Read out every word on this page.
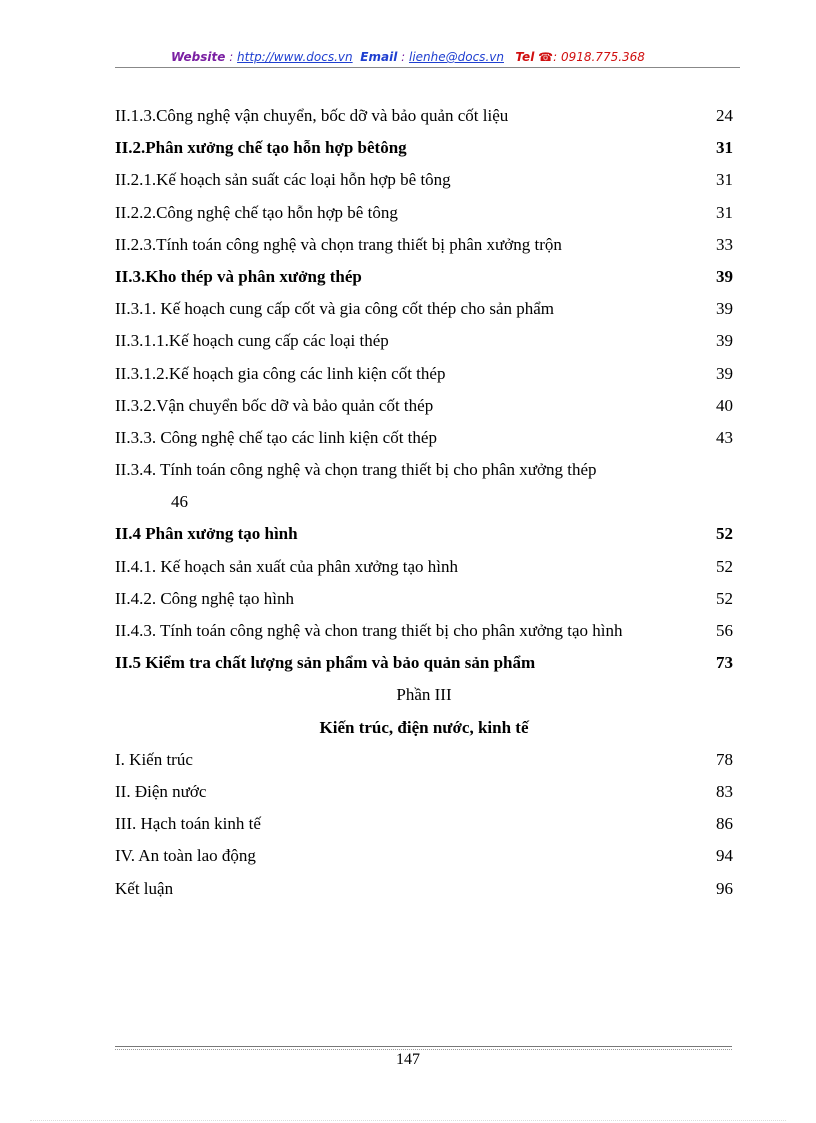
Website : http://www.docs.vn Email : lienhe@docs.vn Tel ☎: 0918.775.368
II.1.3.Công nghệ vận chuyển, bốc dỡ và bảo quản cốt liệu	24
II.2.Phân xưởng chế tạo hỗn hợp bêtông	31
II.2.1.Kế hoạch sản suất các loại hỗn hợp bê tông	31
II.2.2.Công nghệ chế tạo hỗn hợp bê tông	31
II.2.3.Tính toán công nghệ và chọn trang thiết bị phân xưởng trộn	33
II.3.Kho thép và phân xưởng thép	39
II.3.1. Kế hoạch cung cấp cốt và gia công cốt thép cho sản phẩm	39
II.3.1.1.Kế hoạch cung cấp các loại thép	39
II.3.1.2.Kế hoạch gia công các linh kiện cốt thép	39
II.3.2.Vận chuyển bốc dỡ và bảo quản cốt thép	40
II.3.3. Công nghệ chế tạo các linh kiện cốt thép	43
II.3.4. Tính toán công nghệ và chọn trang thiết bị cho phân xưởng thép
46
II.4 Phân xưởng tạo hình	52
II.4.1. Kế hoạch sản xuất của phân xưởng tạo hình	52
II.4.2. Công nghệ tạo hình	52
II.4.3. Tính toán công nghệ và chon trang thiết bị cho phân xưởng tạo hình	56
II.5 Kiểm tra chất lượng sản phẩm và bảo quản sản phẩm	73
Phần III
Kiến trúc, điện nước, kinh tế
I. Kiến trúc	78
II. Điện nước	83
III. Hạch toán kinh tế	86
IV. An toàn lao động	94
Kết luận	96
147
